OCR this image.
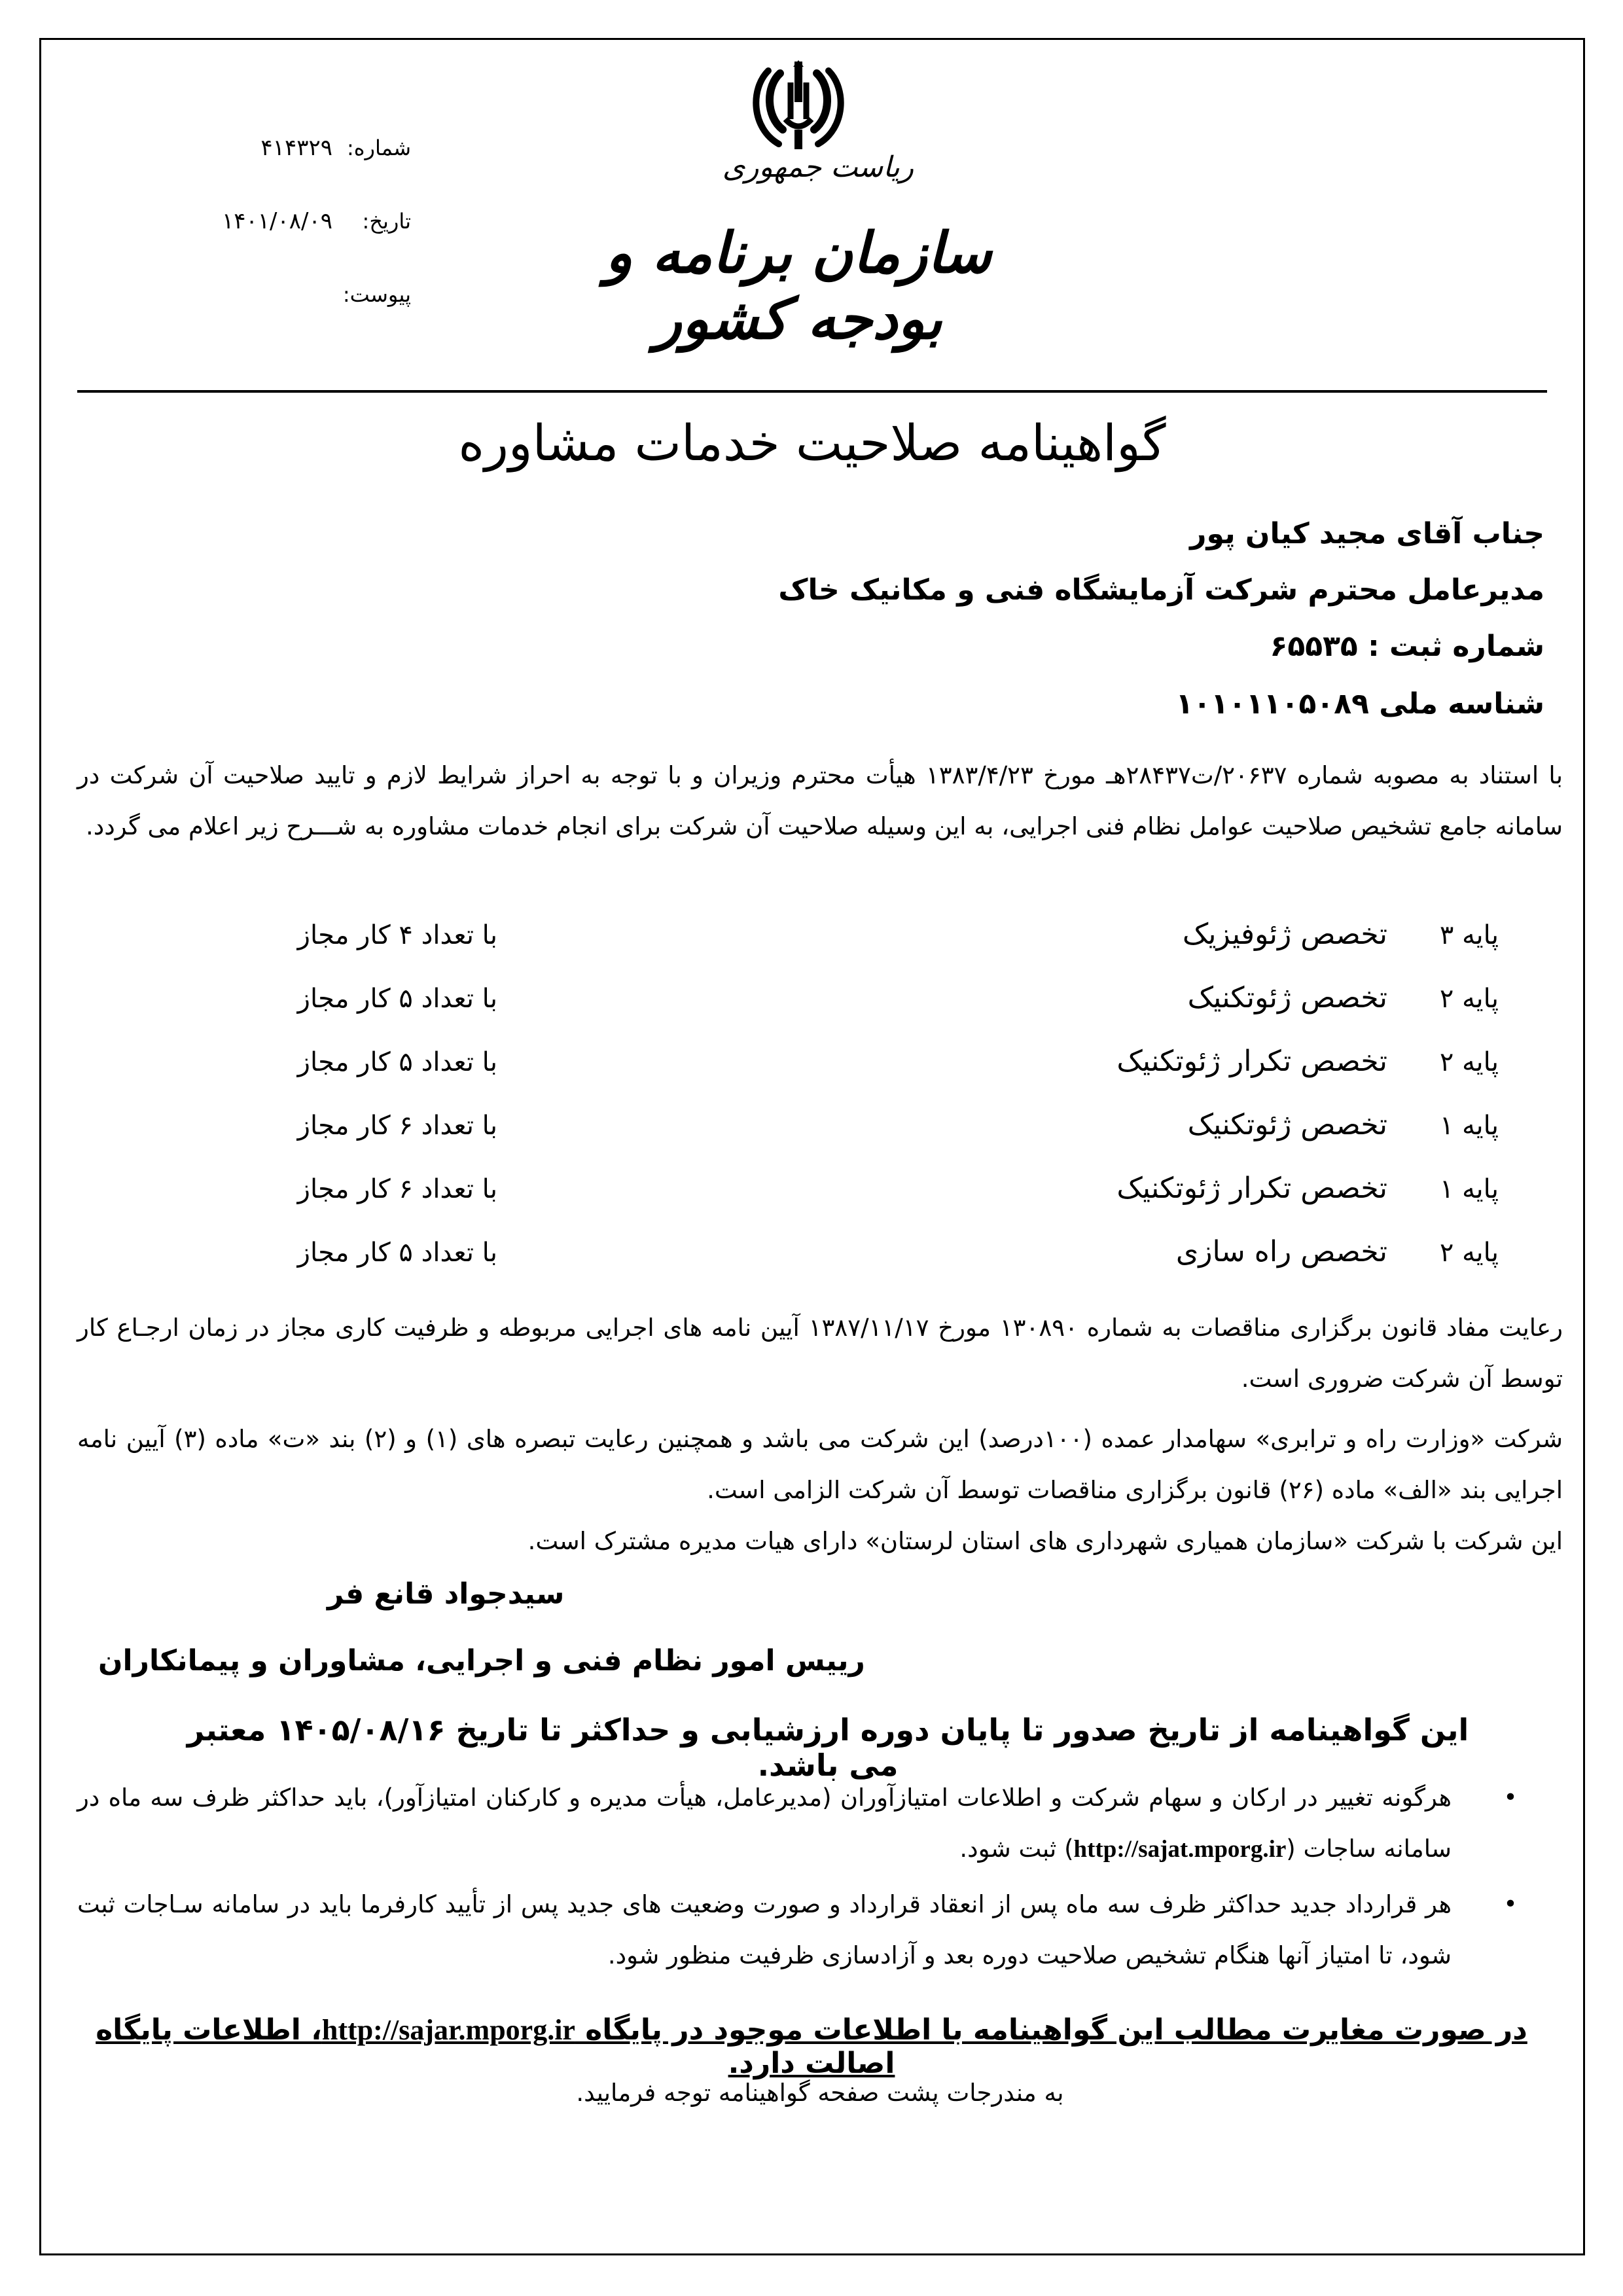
شماره:
۴۱۴۳۲۹
تاریخ:
۱۴۰۱/۰۸/۰۹
پیوست:
ریاست جمهوری
سازمان برنامه و بودجه کشور
گواهینامه صلاحیت خدمات مشاوره
جناب آقای مجید کیان پور
مدیرعامل محترم شرکت آزمایشگاه فنی و مکانیک خاک
شماره ثبت : ۶۵۵۳۵
شناسه ملی ۱۰۱۰۱۱۰۵۰۸۹
با استناد به مصوبه شماره ۲۰۶۳۷/ت۲۸۴۳۷هـ مورخ ۱۳۸۳/۴/۲۳ هیأت محترم وزیران و با توجه به احراز شرایط لازم و تایید صلاحیت آن شرکت در سامانه جامع تشخیص صلاحیت عوامل نظام فنی اجرایی، به این وسیله صلاحیت آن شرکت برای انجام خدمات مشاوره به شـــرح زیر اعلام می گردد.
پایه ۳
تخصص ژئوفیزیک
با تعداد ۴ کار مجاز
پایه ۲
تخصص ژئوتکنیک
با تعداد ۵ کار مجاز
پایه ۲
تخصص تکرار ژئوتکنیک
با تعداد ۵ کار مجاز
پایه ۱
تخصص ژئوتکنیک
با تعداد ۶ کار مجاز
پایه ۱
تخصص تکرار ژئوتکنیک
با تعداد ۶ کار مجاز
پایه ۲
تخصص راه سازی
با تعداد ۵ کار مجاز
رعایت مفاد قانون برگزاری مناقصات به شماره ۱۳۰۸۹۰ مورخ ۱۳۸۷/۱۱/۱۷ آیین نامه های اجرایی مربوطه و ظرفیت کاری مجاز در زمان ارجـاع کار توسط آن شرکت ضروری است.
شرکت «وزارت راه و ترابری» سهامدار عمده (۱۰۰درصد) این شرکت می باشد و همچنین رعایت تبصره های (۱) و (۲) بند «ت» ماده (۳) آیین نامه اجرایی بند «الف» ماده (۲۶) قانون برگزاری مناقصات توسط آن شرکت الزامی است.
این شرکت با شرکت «سازمان همیاری شهرداری های استان لرستان» دارای هیات مدیره مشترک است.
سیدجواد قانع فر
رییس امور نظام فنی و اجرایی، مشاوران و پیمانکاران
این گواهینامه از تاریخ صدور تا پایان دوره ارزشیابی و حداکثر تا تاریخ ۱۴۰۵/۰۸/۱۶ معتبر می باشد.
•
هرگونه تغییر در ارکان و سهام شرکت و اطلاعات امتیازآوران (مدیرعامل، هیأت مدیره و کارکنان امتیازآور)، باید حداکثر ظرف سه ماه در سامانه ساجات (http://sajat.mporg.ir) ثبت شود.
•
هر قرارداد جدید حداکثر ظرف سه ماه پس از انعقاد قرارداد و صورت وضعیت های جدید پس از تأیید کارفرما باید در سامانه سـاجات ثبت شود، تا امتیاز آنها هنگام تشخیص صلاحیت دوره بعد و آزادسازی ظرفیت منظور شود.
در صورت مغایرت مطالب این گواهینامه با اطلاعات موجود در پایگاه http://sajar.mporg.ir، اطلاعات پایگاه اصالت دارد.
به مندرجات پشت صفحه گواهینامه توجه فرمایید.
